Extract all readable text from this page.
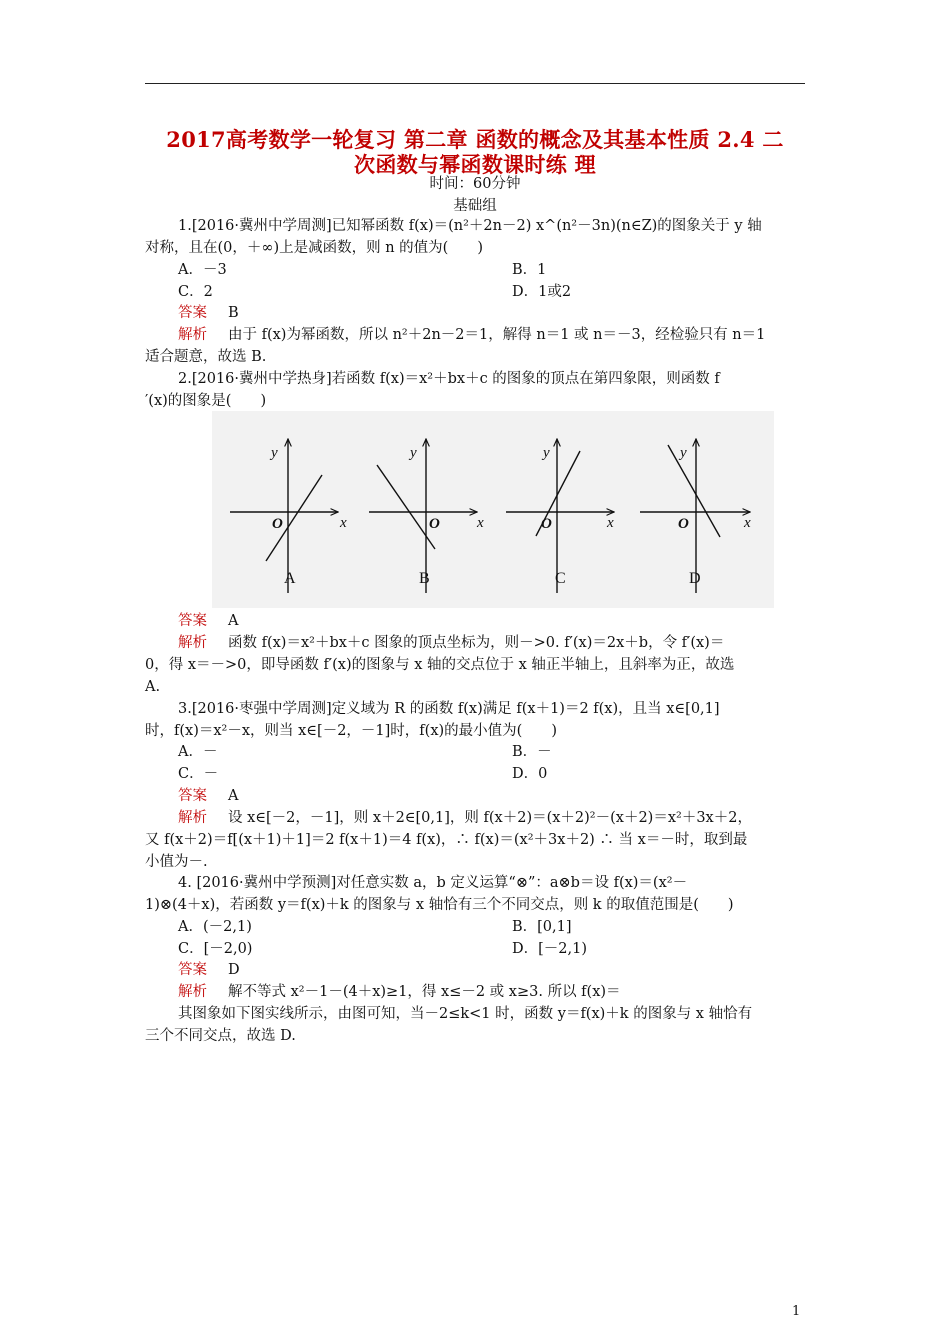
2017高考数学一轮复习 第二章 函数的概念及其基本性质 2.4 二
次函数与幂函数课时练 理
时间：60分钟
基础组
1.[2016·冀州中学周测]已知幂函数 f(x)＝(n²＋2n－2) x^(n²－3n)(n∈Z)的图象关于 y 轴
对称，且在(0，＋∞)上是减函数，则 n 的值为(　　)
A．－3	B．1
C．2	D．1或2
答案 B
解析 由于 f(x)为幂函数，所以 n²＋2n－2＝1，解得 n＝1 或 n＝－3，经检验只有 n＝1
适合题意，故选 B.
2.[2016·冀州中学热身]若函数 f(x)＝x²＋bx＋c 的图象的顶点在第四象限，则函数 f
′(x)的图象是(　　)
y
x
O
A
y
x
O
B
y
x
O
C
y
x
O
D
答案 A
解析 函数 f(x)＝x²＋bx＋c 图象的顶点坐标为，则－>0. f′(x)＝2x＋b，令 f′(x)＝
0，得 x＝－>0，即导函数 f′(x)的图象与 x 轴的交点位于 x 轴正半轴上，且斜率为正，故选
A.
3.[2016·枣强中学周测]定义域为 R 的函数 f(x)满足 f(x＋1)＝2 f(x)，且当 x∈[0,1]
时，f(x)＝x²－x，则当 x∈[－2，－1]时，f(x)的最小值为(　　)
A．－	B．－
C．－	D．0
答案 A
解析 设 x∈[－2，－1]，则 x＋2∈[0,1]，则 f(x＋2)＝(x＋2)²－(x＋2)＝x²＋3x＋2，
又 f(x＋2)＝f[(x＋1)＋1]＝2 f(x＋1)＝4 f(x)，∴ f(x)＝(x²＋3x＋2) ∴ 当 x＝－时，取到最
小值为－.
4. [2016·冀州中学预测]对任意实数 a，b 定义运算“⊗”：a⊗b＝设 f(x)＝(x²－
1)⊗(4＋x)，若函数 y＝f(x)＋k 的图象与 x 轴恰有三个不同交点，则 k 的取值范围是(　　)
A．(－2,1)	B．[0,1]
C．[－2,0)	D．[－2,1)
答案 D
解析 解不等式 x²－1－(4＋x)≥1，得 x≤－2 或 x≥3. 所以 f(x)＝
其图象如下图实线所示，由图可知，当－2≤k<1 时，函数 y＝f(x)＋k 的图象与 x 轴恰有
三个不同交点，故选 D.
1
